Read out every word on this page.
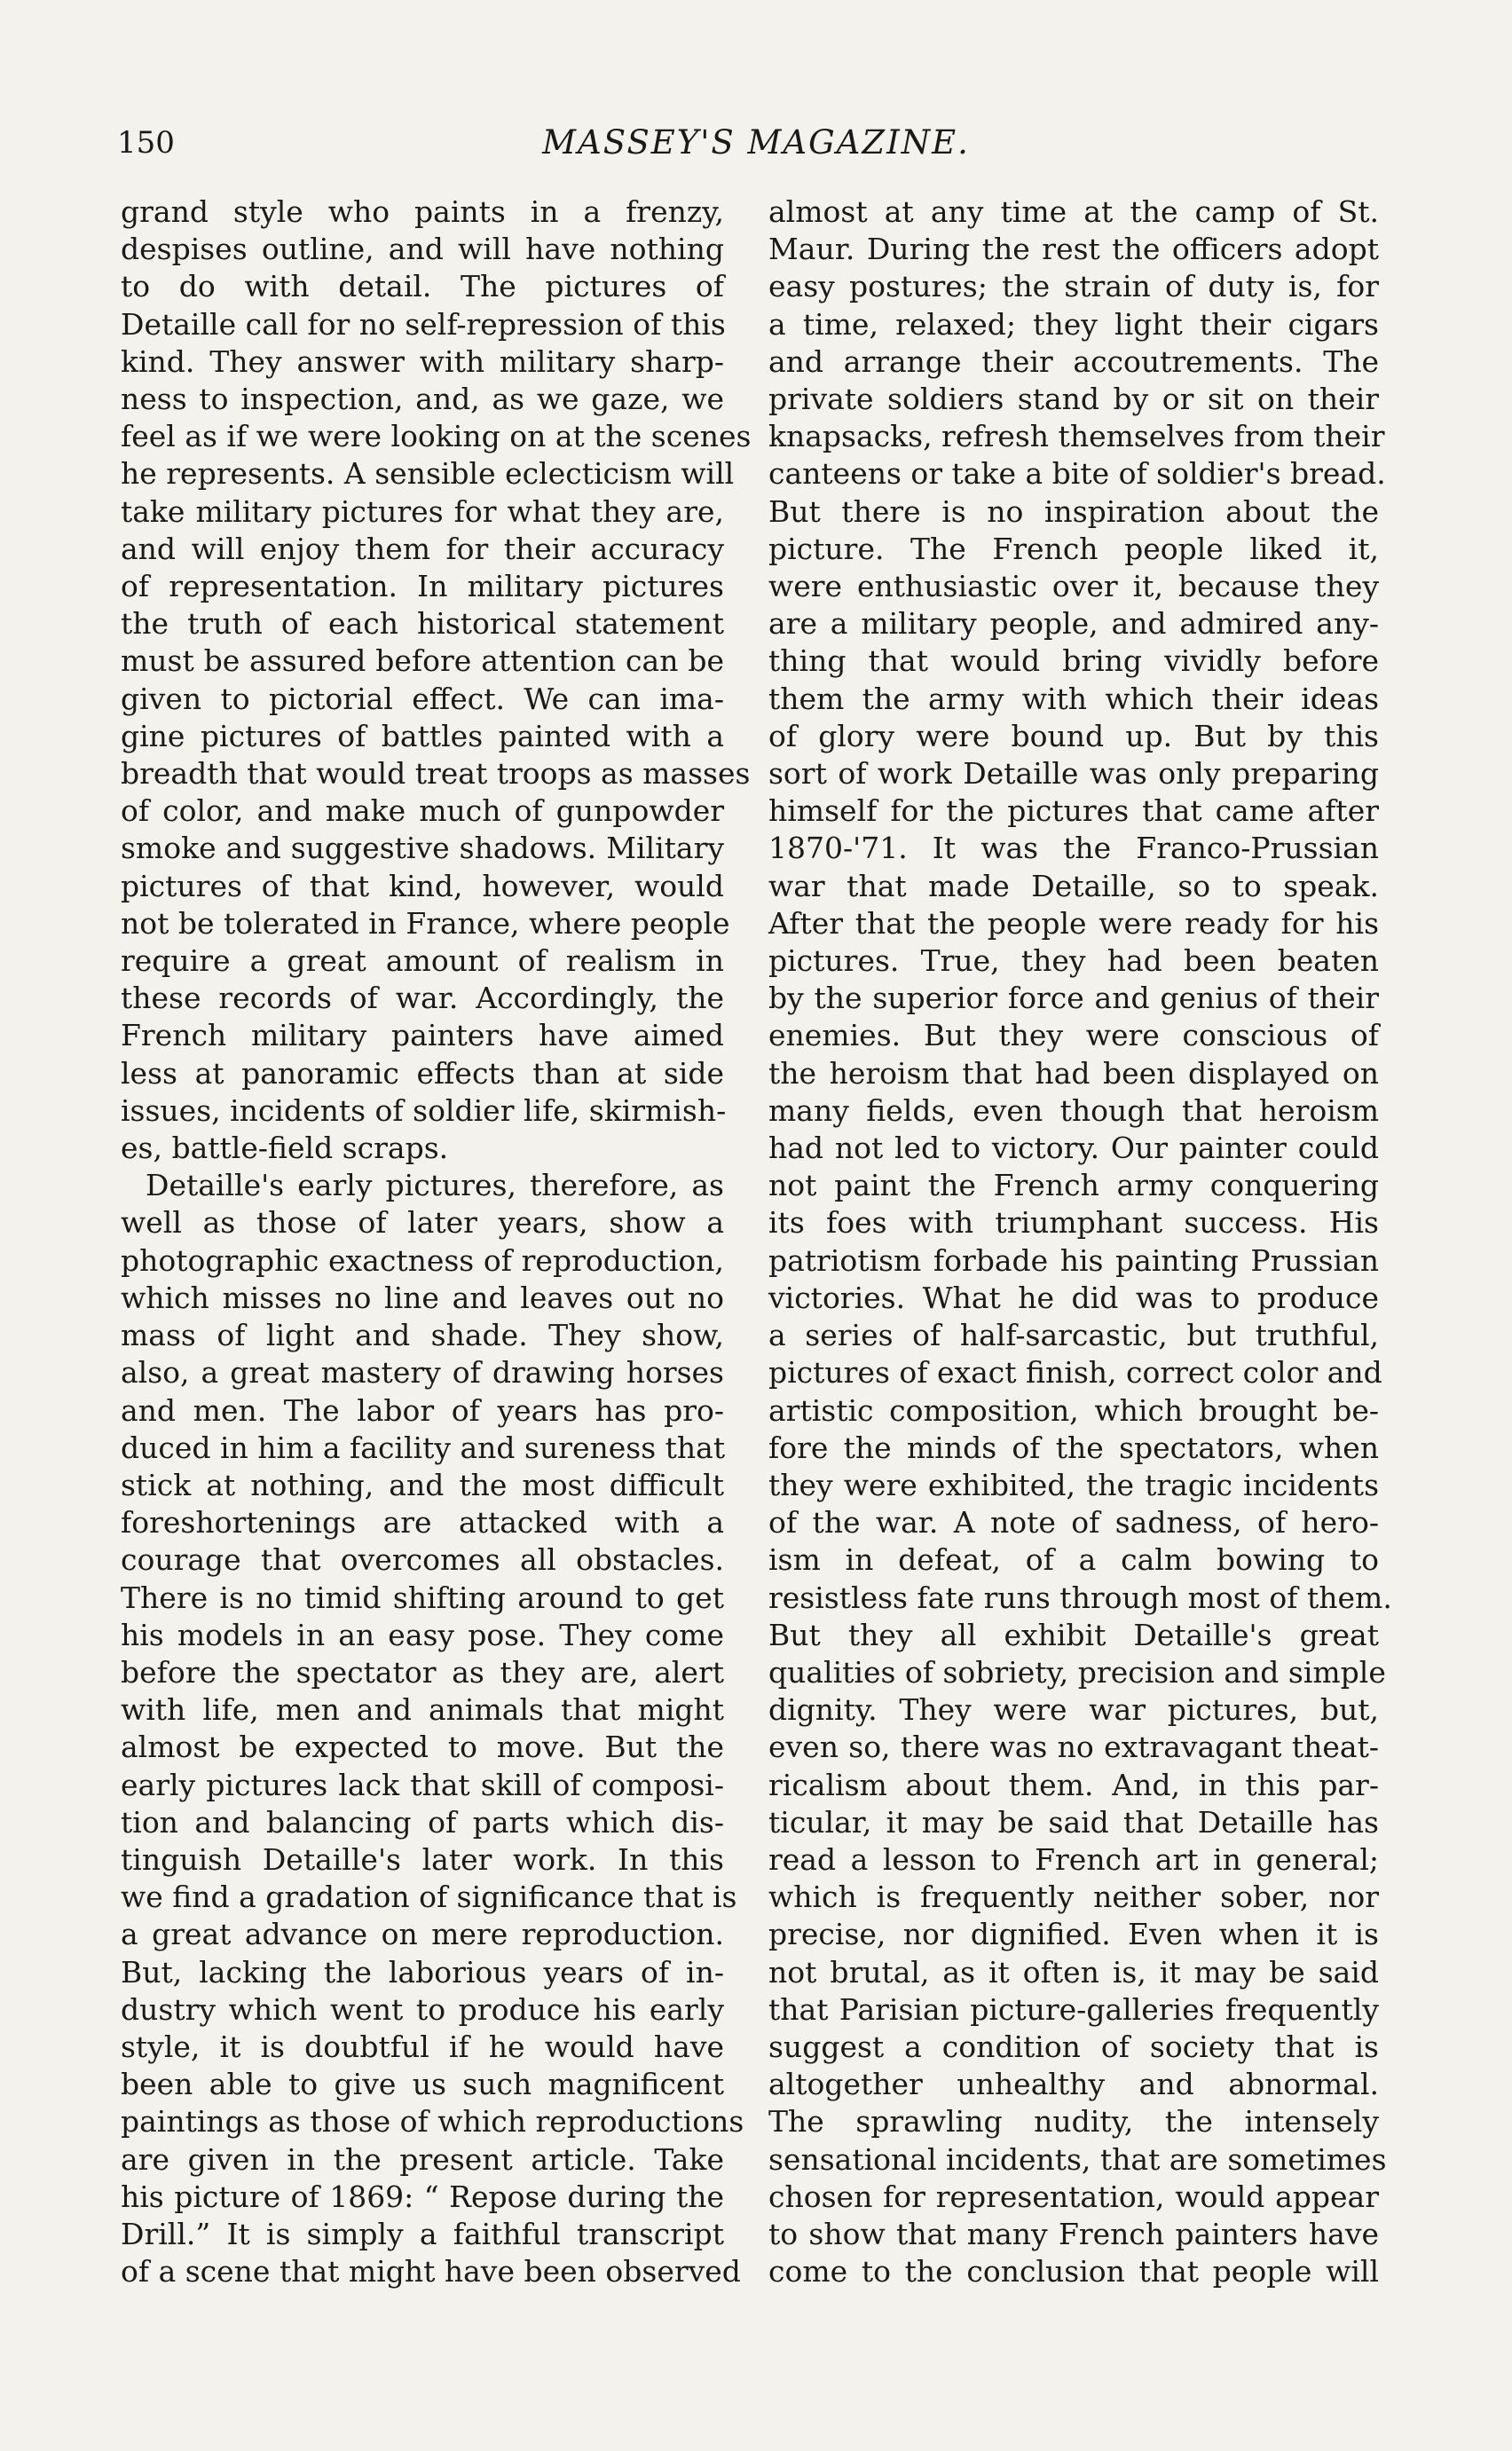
150	MASSEY'S MAGAZINE.
grand style who paints in a frenzy,
despises outline, and will have nothing
to do with detail. The pictures of
Detaille call for no self-repression of this
kind. They answer with military sharp-
ness to inspection, and, as we gaze, we
feel as if we were looking on at the scenes
he represents. A sensible eclecticism will
take military pictures for what they are,
and will enjoy them for their accuracy
of representation. In military pictures
the truth of each historical statement
must be assured before attention can be
given to pictorial effect. We can ima-
gine pictures of battles painted with a
breadth that would treat troops as masses
of color, and make much of gunpowder
smoke and suggestive shadows. Military
pictures of that kind, however, would
not be tolerated in France, where people
require a great amount of realism in
these records of war. Accordingly, the
French military painters have aimed
less at panoramic effects than at side
issues, incidents of soldier life, skirmish-
es, battle-field scraps.
Detaille's early pictures, therefore, as
well as those of later years, show a
photographic exactness of reproduction,
which misses no line and leaves out no
mass of light and shade. They show,
also, a great mastery of drawing horses
and men. The labor of years has pro-
duced in him a facility and sureness that
stick at nothing, and the most difficult
foreshortenings are attacked with a
courage that overcomes all obstacles.
There is no timid shifting around to get
his models in an easy pose. They come
before the spectator as they are, alert
with life, men and animals that might
almost be expected to move. But the
early pictures lack that skill of composi-
tion and balancing of parts which dis-
tinguish Detaille's later work. In this
we find a gradation of significance that is
a great advance on mere reproduction.
But, lacking the laborious years of in-
dustry which went to produce his early
style, it is doubtful if he would have
been able to give us such magnificent
paintings as those of which reproductions
are given in the present article. Take
his picture of 1869: “ Repose during the
Drill.” It is simply a faithful transcript
of a scene that might have been observed
almost at any time at the camp of St.
Maur. During the rest the officers adopt
easy postures; the strain of duty is, for
a time, relaxed; they light their cigars
and arrange their accoutrements. The
private soldiers stand by or sit on their
knapsacks, refresh themselves from their
canteens or take a bite of soldier's bread.
But there is no inspiration about the
picture. The French people liked it,
were enthusiastic over it, because they
are a military people, and admired any-
thing that would bring vividly before
them the army with which their ideas
of glory were bound up. But by this
sort of work Detaille was only preparing
himself for the pictures that came after
1870-'71. It was the Franco-Prussian
war that made Detaille, so to speak.
After that the people were ready for his
pictures. True, they had been beaten
by the superior force and genius of their
enemies. But they were conscious of
the heroism that had been displayed on
many fields, even though that heroism
had not led to victory. Our painter could
not paint the French army conquering
its foes with triumphant success. His
patriotism forbade his painting Prussian
victories. What he did was to produce
a series of half-sarcastic, but truthful,
pictures of exact finish, correct color and
artistic composition, which brought be-
fore the minds of the spectators, when
they were exhibited, the tragic incidents
of the war. A note of sadness, of hero-
ism in defeat, of a calm bowing to
resistless fate runs through most of them.
But they all exhibit Detaille's great
qualities of sobriety, precision and simple
dignity. They were war pictures, but,
even so, there was no extravagant theat-
ricalism about them. And, in this par-
ticular, it may be said that Detaille has
read a lesson to French art in general;
which is frequently neither sober, nor
precise, nor dignified. Even when it is
not brutal, as it often is, it may be said
that Parisian picture-galleries frequently
suggest a condition of society that is
altogether unhealthy and abnormal.
The sprawling nudity, the intensely
sensational incidents, that are sometimes
chosen for representation, would appear
to show that many French painters have
come to the conclusion that people will
